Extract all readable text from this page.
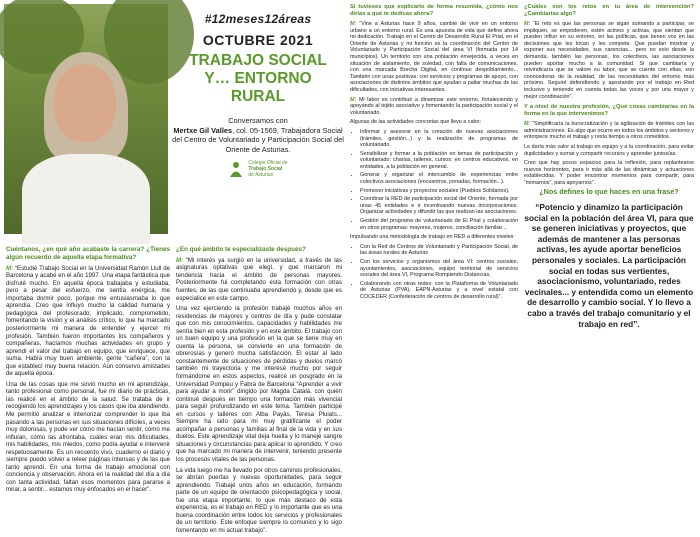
#12meses12áreas
OCTUBRE 2021
TRABAJO SOCIAL
Y… ENTORNO
RURAL
Conversamos con
Mertxe Gil Valles, col. 05-1569, Trabajadora Social del Centro de Voluntariado y Participación Social del Oriente de Asturias.
Colegio Oficial de
Trabajo Social
de Asturias

Cuéntanos, ¿en qué año acabaste la carrera? ¿Tienes algún recuerdo de aquella etapa formativa?

M: “Estudié Trabajo Social en la Universidad Ramón Llull de Barcelona y acabé en el año 1997. Una etapa fantástica que disfruté mucho. En aquella época trabajaba y estudiaba, pero a pesar del esfuerzo, me sentía enérgica, me importaba dormir poco, porque me entusiasmaba lo que aprendía. Creo que influyó mucho la calidad humana y pedagógica del profesorado; implicado, comprometido, fomentando la visión y el análisis crítico, lo que ha marcado posteriormente mi manera de entender y ejercer mi profesión. También fueron importantes los compañeros y compañeras, hacíamos muchas actividades en grupo y aprendí el valor del trabajo en equipo, que enriquece, que suma. Había muy buen ambiente, gente “cañera”, con la que establecí muy buena relación. Aún conservo amistades de aquella época.

Una de las cosas que me sirvió mucho en mi aprendizaje, tanto profesional como personal, fue mi diario de prácticas, las realicé en el ámbito de la salud. Se trataba de ir recogiendo los aprendizajes y los casos que iba atendiendo. Me permitió analizar e interiorizar comprender lo que iba pasando a las personas en sus situaciones difíciles, a veces muy dolorosas, y pude ver cómo me hacían sentir, cómo me influían, cómo las afrontaba, cuáles eran mis dificultades, mis habilidades, mis miedos, como podía ayudar e intervenir respetuosamente. Es un recuerdo vivo, cuaderno el diario y siempre puedo volver a releer páginas intensas y de las que tanto aprendí. En una forma de trabajo emocional con conciencia y observación. Ahora en la realidad del día a día con tanta actividad, faltan esos momentos para pararse a mirar, a sentir... estamos muy enfocados en el hacer”.

¿En qué ámbito te especializaste después?

M: “Mi interés ya surgió en la universidad, a través de las asignaturas optativas que elegí, y que marcaron mi tendencia hacia el ámbito de personas mayores. Posteriormente fui completando esta formación con otras fuentes, de las que continuaba aprendiendo y, desde que es especialice en este campo.

Una vez ejerciendo la profesión trabajé muchos años en residencias de mayores y centros de día y pude constatar que con mis conocimientos, capacidades y habilidades me sentía bien en esta profesión y en este ámbito. El trabajo con un buen equipo y una profesión en la que se tiene muy en cuenta la persona, se convierte en una formación de obreros/as y generó mucha satisfacción. El estar al lado constantemente de situaciones de pérdidas y duelos marcó también mi trayectoria y me interesé mucho por seguir formándome en estos aspectos, realicé un posgrado en la Universidad Pompeu y Fabra de Barcelona “Aprender a vivir para ayudar a morir” dirigido por Magda Catalá, con quién continué después en tiempo una formación más vivencial para seguir profundizando en este tema. También participé en cursos y talleres con Alba Payàs, Teresa Pluiats... Siempre ha sido para mí muy gratificante el poder acompañar a personas y familias al final de la vida y en sus duelos. Este aprendizaje vital deja huella y lo manejé sangre situaciones y circunstancias para aplicar lo aprendido. Y creo que ha marcado mi manera de intervenir, teniendo presente los procesos vitales de las personas.

La vida luego me ha llevado por otros caminos profesionales, se abrían puertas y nuevas oportunidades, para seguir aprendiendo. Trabajé unos años en educación, formando parte de un equipo de orientación psicopedagógica y social, fue una etapa importante, lo que más destaco de esta experiencia, es el trabajo en RED y lo importante que es una buena coordinación entre todos los servicios y profesionales de un territorio. Este enfoque siempre lo comunico y lo sigo fomentando en mi actual trabajo”.

Si tuvieses que explicarlo de forma resumida, ¿cómo nos dirías a qué te dedicas ahora?

M: “Vine a Asturias hace 9 años, cambié de vivir en un entorno urbano a un entorno rural. Es una apuesta de vida que define ahora mi dedicación. Trabajo en el Centro de Desarrollo Rural El Prial, en el Oriente de Asturias y mi función es la coordinación del Centro de Voluntariado y Participación Social del área VI (formada por 14 municipios). Un territorio con una población envejecida, a veces en situación de aislamiento, de soledad, con falta de comunicaciones, con una marcada Brecha Digital, en continuo despoblamiento... También con unas positivas: con servicios y programas de apoyo, con asociaciones de distintos ámbitos que ayudan a paliar muchas de las dificultades, con iniciativas interesantes.

M: Mi labor es contribuir a dinamizar este entorno, fortaleciendo y apoyando al tejido asociativo y fomentando la participación social y el voluntariado.

Algunas de las actividades concretas que llevo a cabo:

• Informar y asesorar en la creación de nuevas asociaciones (trámites, gestión...) y la realización de programas de voluntariado.
• Sensibilizar y formar a la población en temas de participación y voluntariado: charlas, talleres, cursos: en centros educativos, en entidades, a la población en general.
• Generar y organizar el intercambio de experiencias entre colectivos asociaciones (encuentros, jornadas, formación...).
• Promover iniciativas y proyectos sociales (Pueblos Solidarios).
• Coordinar la RED de participación social del Oriente, formada por unas 45 entidades e ir incentivando nuevas incorporaciones. Organizar actividades y difundir las que realizan las asociaciones.
• Gestión del programa de voluntariado de El Prial y colaboración en otros programas: mayores, mujeres, conciliación familiar...

Impulsando una metodología de trabajo en RED a diferentes niveles:

• Con la Red de Centros de Voluntariado y Participación Social, de las áreas rurales de Asturias
• Con los servicios y organismos del área VI: centros sociales, ayuntamientos, asociaciones, equipo territorial de servicios sociales del área VI, Programa Rompiendo Distancias,
• Colaborando con otras redes: con la Plataforma de Voluntariado de Asturias (PVA), EAPN-Asturias y a nivel estatal con COCEDER (Confederación de centros de desarrollo rural)”.

¿Cuáles son los retos en tu área de intervención? ¿Cambiarías algo?

M: “El reto es que las personas se sigan sumando a participar, se impliquen, se empoderen, estén activos y activas, que sientan que pueden influir en su entorno, en las políticas, que tienen voz en las decisiones que les tocan y les compete. Que puedan mostrar y exponer sus necesidades, sus carencias... pero no solo desde la demanda, también las personas, los colectivos, las asociaciones pueden aportar mucho a la comunidad. Si que cambiaría y reivindicaría que se valore su labor, que se cuente con ellas, son conocedoras de la realidad, de las necesidades del entorno más próximo. Seguiré defendiendo y apostando por el trabajo en Red inclusivo y teniendo en cuenta todas las voces y por una mayor y mejor coordinación”.

Y a nivel de nuestra profesión, ¿Qué cosas cambiarías en la forma en la que intervenimos?

M: “Simplificaría la burocratización y la agilización de trámites con las administraciones. Es algo que ocurre en todos los ámbitos y sectores y entorpece mucho el trabajo y resta tiempo a otros cometidos.

Le daría más valor al trabajo en equipo y a la coordinación, para evitar duplicidades y sumar y compartir recursos y aprender juntos/as.

Creo que hay pocos espacios para la reflexión, para replantearse nuevos horizontes, para ir más allá de las dinámicas y actuaciones establecidas. Y poder encontrar momentos para compartir, para “mimarnos”, para apoyarnos”.

¿Nos defines lo que haces en una frase?
“Potencio y dinamizo la participación social en la población del área VI, para que se generen iniciativas y proyectos, que además de mantener a las personas activas, les ayude aportar beneficios personales y sociales. La participación social en todas sus vertientes, asociacionismo, voluntariado, redes vecinales... y entendida como un elemento de desarrollo y cambio social. Y lo llevo a cabo a través del trabajo comunitario y el trabajo en red”.
